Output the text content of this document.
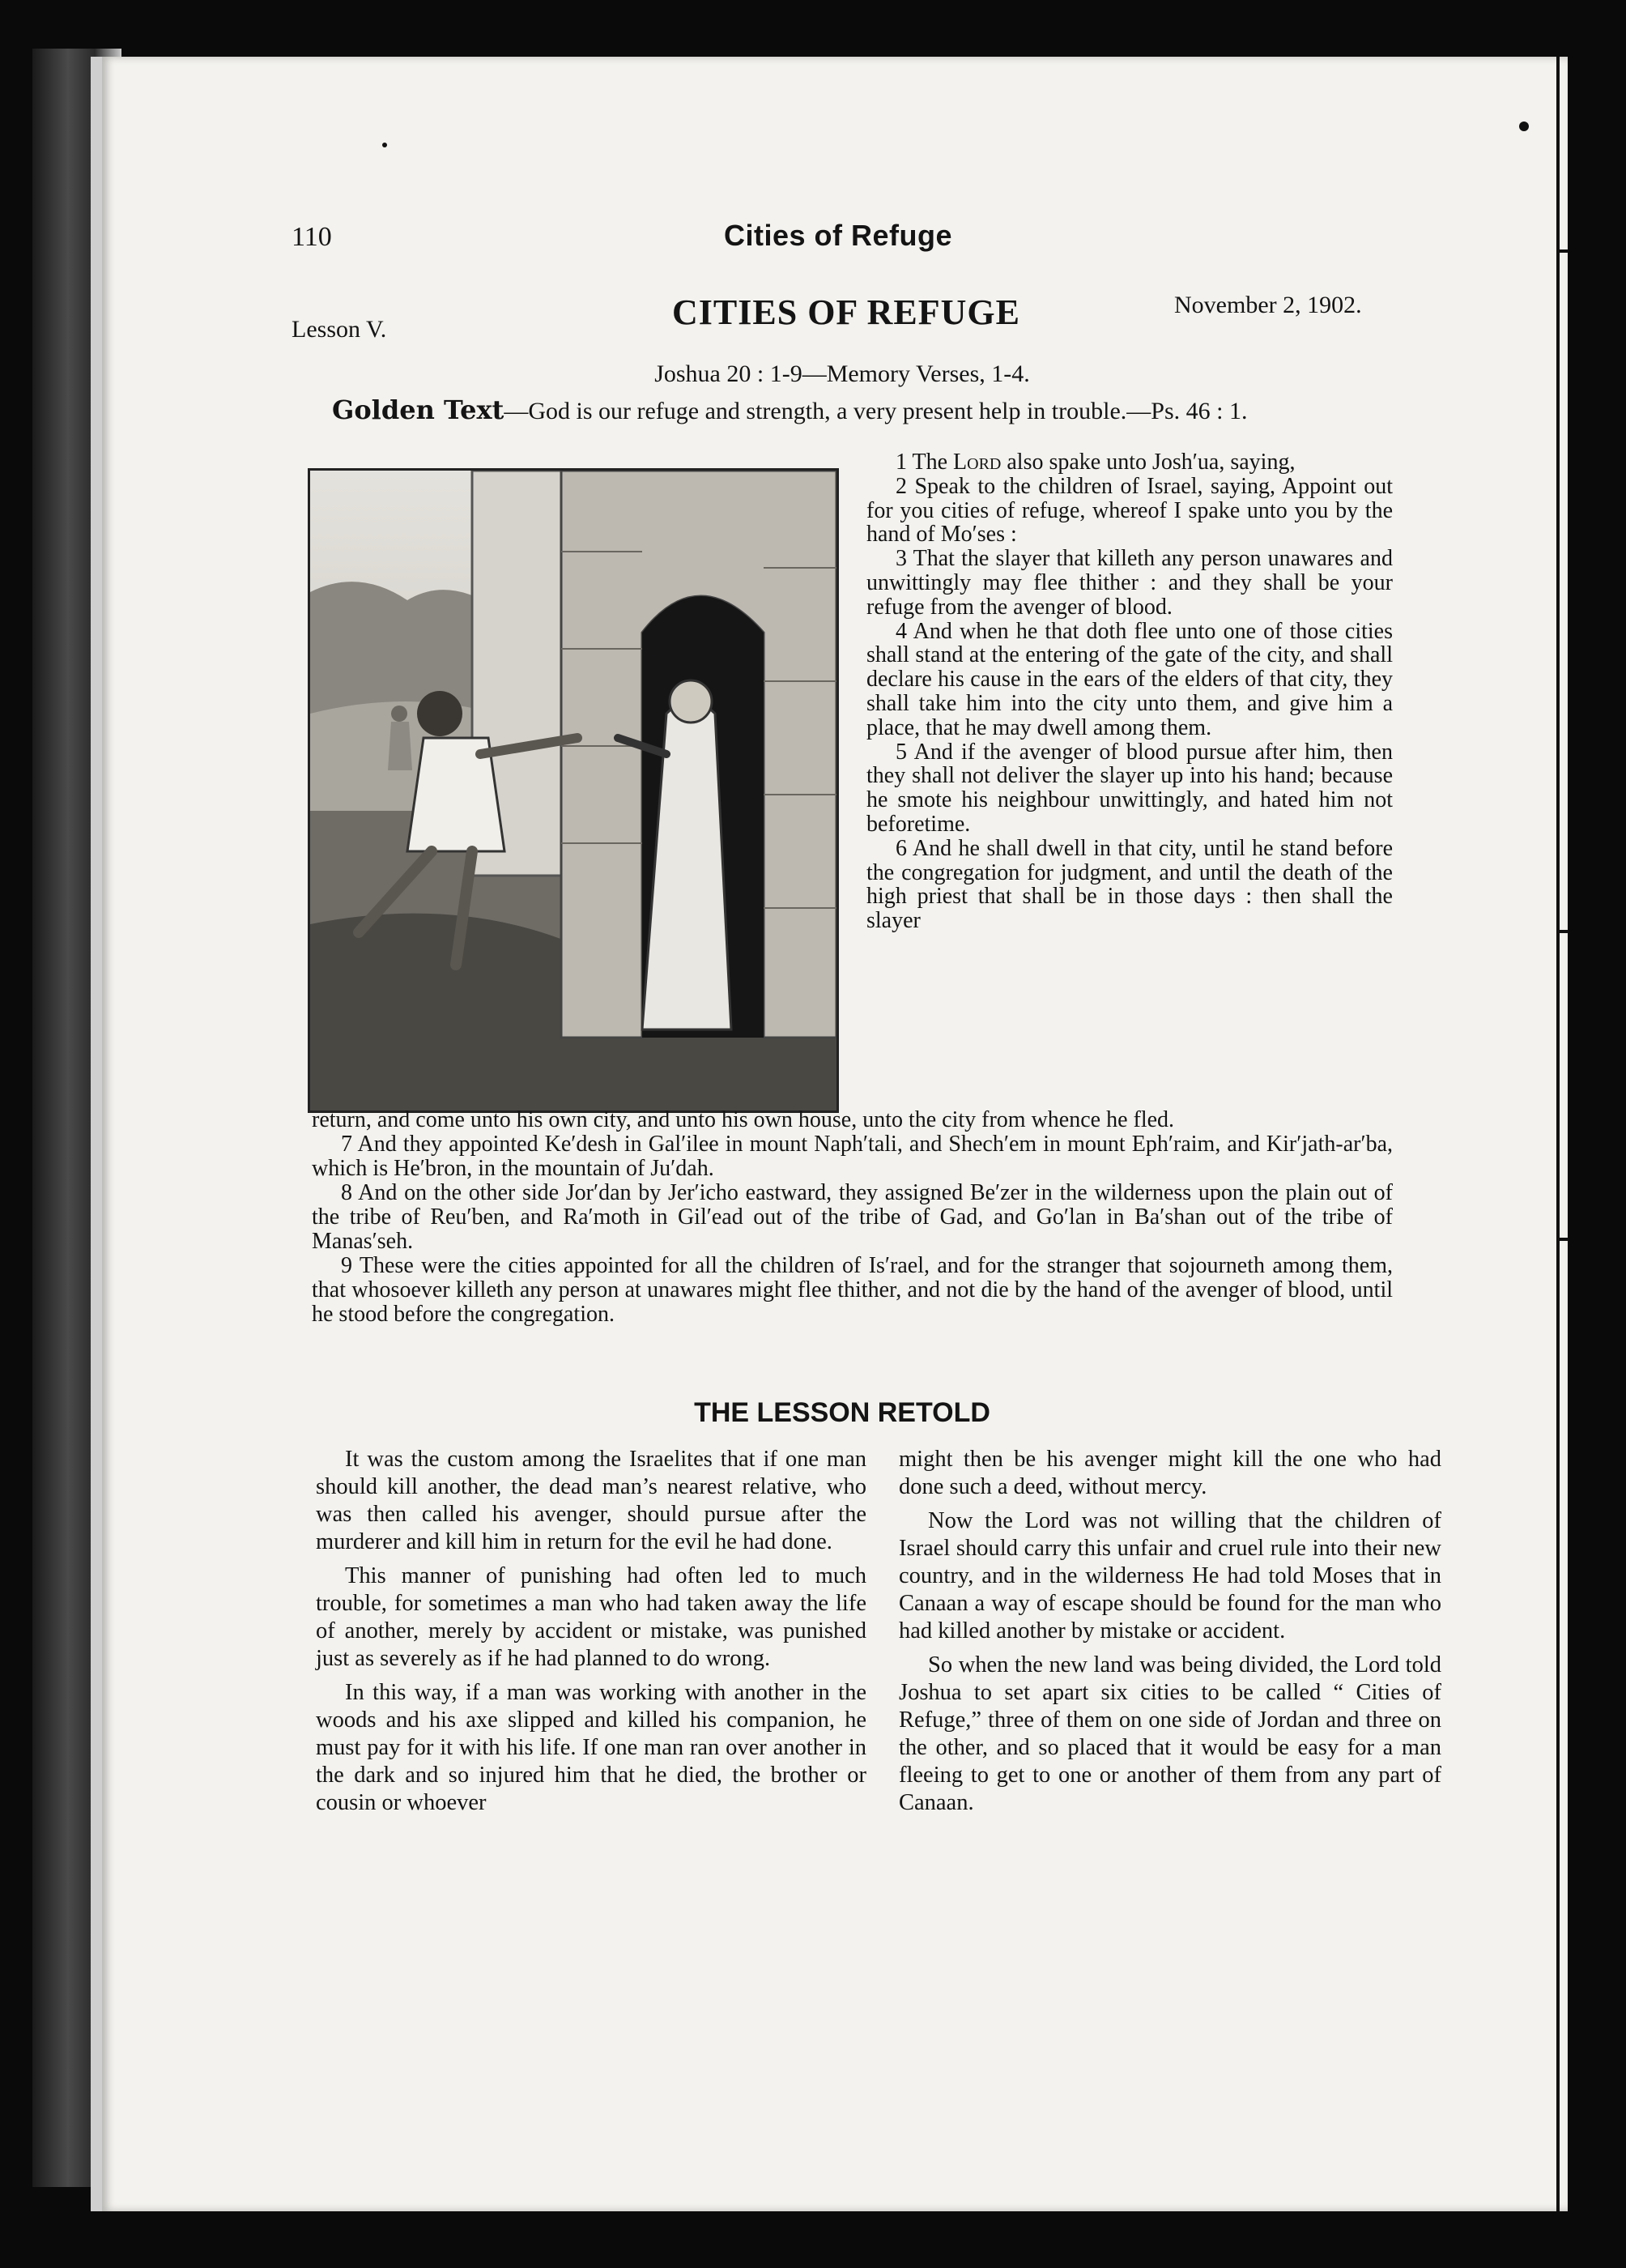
110	Cities of Refuge
Lesson V.	CITIES OF REFUGE	November 2, 1902.
Joshua 20 : 1-9—Memory Verses, 1-4.
Golden Text—God is our refuge and strength, a very present help in trouble.—Ps. 46 : 1.

1 The Lord also spake unto Josh′ua, saying,

2 Speak to the children of Israel, saying, Appoint out for you cities of refuge, whereof I spake unto you by the hand of Mo′ses :

3 That the slayer that killeth any person unawares and unwittingly may flee thither : and they shall be your refuge from the avenger of blood.

4 And when he that doth flee unto one of those cities shall stand at the entering of the gate of the city, and shall declare his cause in the ears of the elders of that city, they shall take him into the city unto them, and give him a place, that he may dwell among them.

5 And if the avenger of blood pursue after him, then they shall not deliver the slayer up into his hand; because he smote his neighbour unwittingly, and hated him not beforetime.

6 And he shall dwell in that city, until he stand before the congregation for judgment, and until the death of the high priest that shall be in those days : then shall the slayer

return, and come unto his own city, and unto his own house, unto the city from whence he fled.

7 And they appointed Ke′desh in Gal′ilee in mount Naph′tali, and Shech′em in mount Eph′raim, and Kir′jath-ar′ba, which is He′bron, in the mountain of Ju′dah.

8 And on the other side Jor′dan by Jer′icho eastward, they assigned Be′zer in the wilderness upon the plain out of the tribe of Reu′ben, and Ra′moth in Gil′ead out of the tribe of Gad, and Go′lan in Ba′shan out of the tribe of Manas′seh.

9 These were the cities appointed for all the children of Is′rael, and for the stranger that sojourneth among them, that whosoever killeth any person at unawares might flee thither, and not die by the hand of the avenger of blood, until he stood before the congregation.

THE LESSON RETOLD

It was the custom among the Israelites that if one man should kill another, the dead man’s nearest relative, who was then called his avenger, should pursue after the murderer and kill him in return for the evil he had done.

This manner of punishing had often led to much trouble, for sometimes a man who had taken away the life of another, merely by accident or mistake, was punished just as severely as if he had planned to do wrong.

In this way, if a man was working with another in the woods and his axe slipped and killed his companion, he must pay for it with his life. If one man ran over another in the dark and so injured him that he died, the brother or cousin or whoever

might then be his avenger might kill the one who had done such a deed, without mercy.

Now the Lord was not willing that the children of Israel should carry this unfair and cruel rule into their new country, and in the wilderness He had told Moses that in Canaan a way of escape should be found for the man who had killed another by mistake or accident.

So when the new land was being divided, the Lord told Joshua to set apart six cities to be called “ Cities of Refuge,” three of them on one side of Jordan and three on the other, and so placed that it would be easy for a man fleeing to get to one or another of them from any part of Canaan.
